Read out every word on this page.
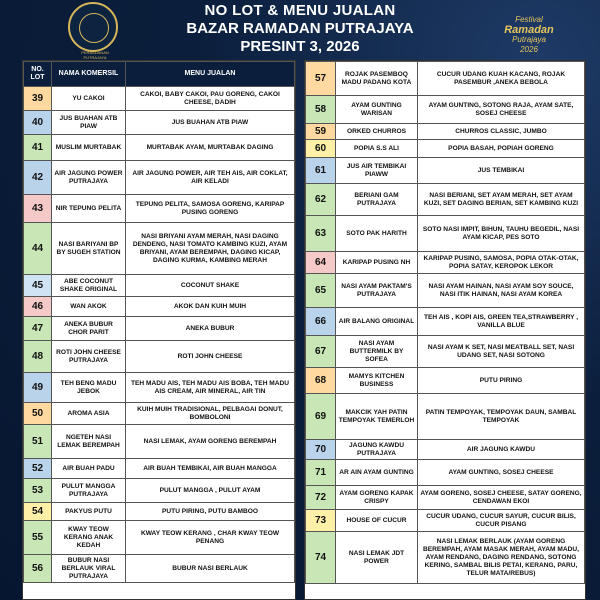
PERBADANAN PUTRAJAYA
NO LOT & MENU JUALAN
BAZAR RAMADAN PUTRAJAYA
PRESINT 3, 2026
Festival
Ramadan
Putrajaya
2026
NO. LOT	NAMA KOMERSIL	MENU JUALAN
39	YU CAKOI	CAKOI, BABY CAKOI, PAU GORENG, CAKOI CHEESE, DADIH
40	JUS BUAHAN ATB PIAW	JUS BUAHAN ATB PIAW
41	MUSLIM MURTABAK	MURTABAK AYAM, MURTABAK DAGING
42	AIR JAGUNG POWER PUTRAJAYA	AIR JAGUNG POWER, AIR TEH AIS, AIR COKLAT, AIR KELADI
43	NIR TEPUNG PELITA	TEPUNG PELITA, SAMOSA GORENG, KARIPAP PUSING GORENG
44	NASI BARIYANI BP BY SUGEH STATION	NASI BRIYANI AYAM MERAH, NASI DAGING DENDENG, NASI TOMATO KAMBING KUZI, AYAM BRIYANI, AYAM BEREMPAH, DAGING KICAP, DAGING KURMA, KAMBING MERAH
45	ABE COCONUT SHAKE ORIGINAL	COCONUT SHAKE
46	WAN AKOK	AKOK DAN KUIH MUIH
47	ANEKA BUBUR CHOR PARIT	ANEKA BUBUR
48	ROTI JOHN CHEESE PUTRAJAYA	ROTI JOHN CHEESE
49	TEH BENG MADU JEBOK	TEH MADU AIS, TEH MADU AIS BOBA, TEH MADU AIS CREAM, AIR MINERAL, AIR TIN
50	AROMA ASIA	KUIH MUIH TRADISIONAL, PELBAGAI DONUT, BOMBOLONI
51	NGETEH NASI LEMAK BEREMPAH	NASI LEMAK, AYAM GORENG BEREMPAH
52	AIR BUAH PADU	AIR BUAH TEMBIKAI, AIR BUAH MANGGA
53	PULUT MANGGA PUTRAJAYA	PULUT MANGGA , PULUT AYAM
54	PAKYUS PUTU	PUTU PIRING, PUTU BAMBOO
55	KWAY TEOW KERANG ANAK KEDAH	KWAY TEOW KERANG , CHAR KWAY TEOW PENANG
56	BUBUR NASI BERLAUK VIRAL PUTRAJAYA	BUBUR NASI BERLAUK
57	ROJAK PASEMBOQ MADU PADANG KOTA	CUCUR UDANG KUAH KACANG, ROJAK PASEMBUR ,ANEKA BEBOLA
58	AYAM GUNTING WARISAN	AYAM GUNTING, SOTONG RAJA, AYAM SATE, SOSEJ CHEESE
59	ORKED CHURROS	CHURROS CLASSIC, JUMBO
60	POPIA S.S ALI	POPIA BASAH, POPIAH GORENG
61	JUS AIR TEMBIKAI PIAWW	JUS TEMBIKAI
62	BERIANI GAM PUTRAJAYA	NASI BERIANI, SET AYAM MERAH, SET AYAM KUZI, SET DAGING BERIAN, SET KAMBING KUZI
63	SOTO PAK HARITH	SOTO NASI IMPIT, BIHUN, TAUHU BEGEDIL, NASI AYAM KICAP, PES SOTO
64	KARIPAP PUSING NH	KARIPAP PUSING, SAMOSA, POPIA OTAK-OTAK, POPIA SATAY, KEROPOK LEKOR
65	NASI AYAM PAKTAM'S PUTRAJAYA	NASI AYAM HAINAN, NASI AYAM SOY SOUCE, NASI ITIK HAINAN, NASI AYAM KOREA
66	AIR BALANG ORIGINAL	TEH AIS , KOPI AIS, GREEN TEA,STRAWBERRY , VANILLA BLUE
67	NASI AYAM BUTTERMILK BY SOFEA	NASI AYAM K SET, NASI MEATBALL SET, NASI UDANG SET, NASI SOTONG
68	MAMYS KITCHEN BUSINESS	PUTU PIRING
69	MAKCIK YAH PATIN TEMPOYAK TEMERLOH	PATIN TEMPOYAK, TEMPOYAK DAUN, SAMBAL TEMPOYAK
70	JAGUNG KAWDU PUTRAJAYA	AIR JAGUNG KAWDU
71	AR AIN AYAM GUNTING	AYAM GUNTING, SOSEJ CHEESE
72	AYAM GORENG KAPAK CRISPY	AYAM GORENG, SOSEJ CHEESE, SATAY GORENG, CENDAWAN EKOI
73	HOUSE OF CUCUR	CUCUR UDANG, CUCUR SAYUR, CUCUR BILIS, CUCUR PISANG
74	NASI LEMAK JDT POWER	NASI LEMAK BERLAUK (AYAM GORENG BEREMPAH, AYAM MASAK MERAH, AYAM MADU, AYAM RENDANG, DAGING RENDANG, SOTONG KERING, SAMBAL BILIS PETAI, KERANG, PARU, TELUR MATA/REBUS)
